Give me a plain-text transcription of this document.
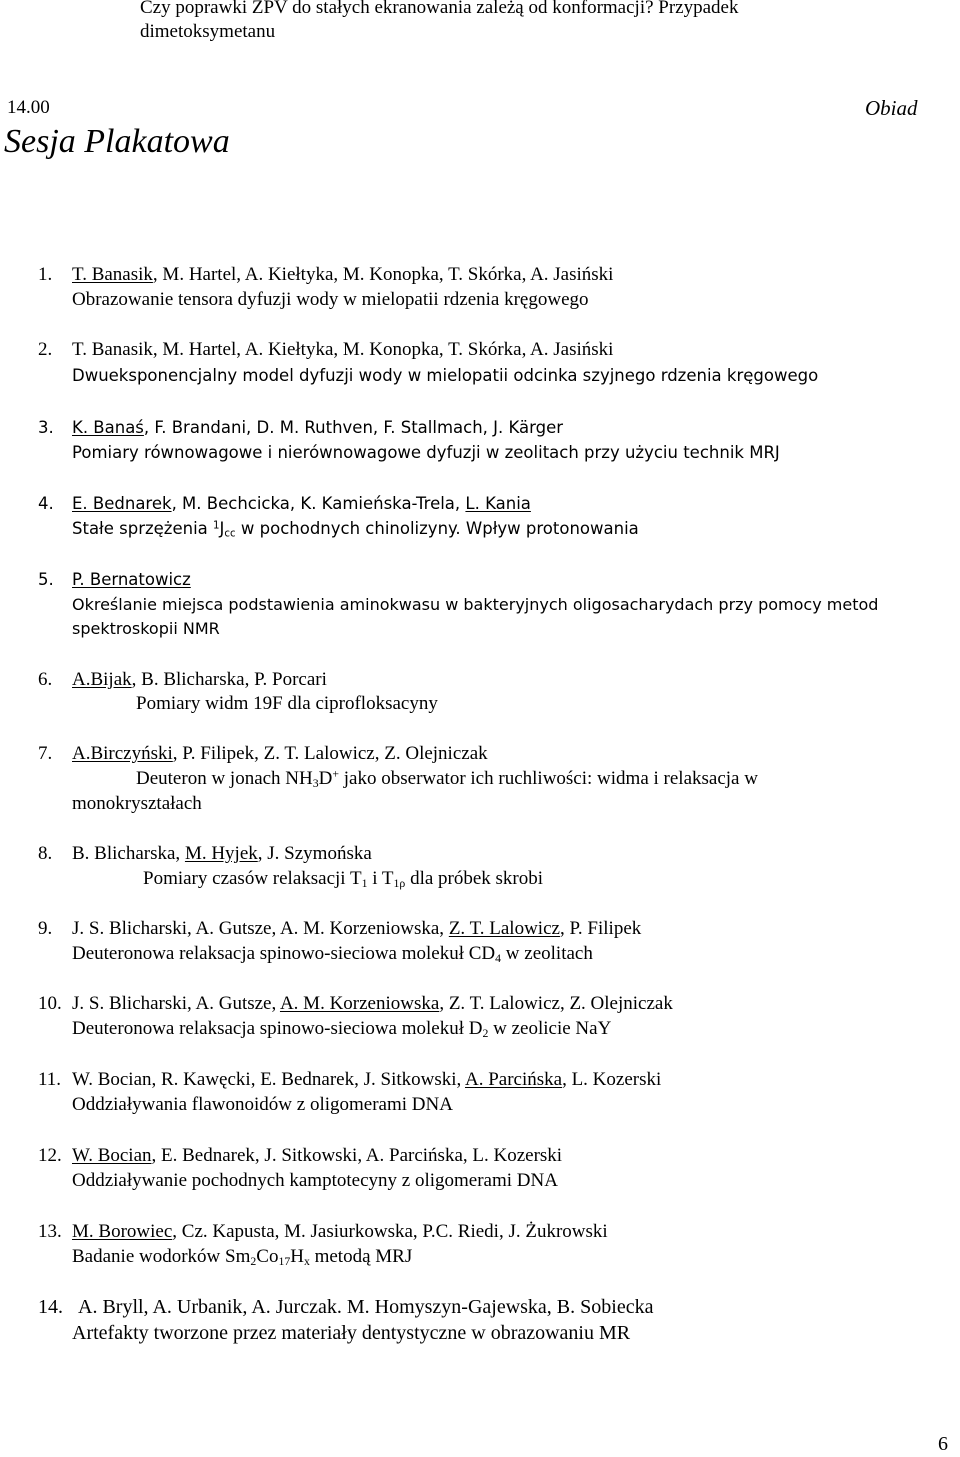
Czy poprawki ZPV do stałych ekranowania zależą od konformacji? Przypadek
dimetoksymetanu
14.00	Obiad
Sesja Plakatowa
1. T. Banasik, M. Hartel, A. Kiełtyka, M. Konopka, T. Skórka, A. Jasiński
Obrazowanie tensora dyfuzji wody w mielopatii rdzenia kręgowego
2. T. Banasik, M. Hartel, A. Kiełtyka, M. Konopka, T. Skórka, A. Jasiński
Dwueksponencjalny model dyfuzji wody w mielopatii odcinka szyjnego rdzenia kręgowego
3. K. Banaś, F. Brandani, D. M. Ruthven, F. Stallmach, J. Kärger
Pomiary równowagowe i nierównowagowe dyfuzji w zeolitach przy użyciu technik MRJ
4. E. Bednarek, M. Bechcicka, K. Kamieńska-Trela, L. Kania
Stałe sprzężenia $^1J_{cc}$ w pochodnych chinolizyny. Wpływ protonowania
5. P. Bernatowicz
Określanie miejsca podstawienia aminokwasu w bakteryjnych oligosacharydach przy pomocy metod
spektroskopii NMR
6. A.Bijak, B. Blicharska, P. Porcari
Pomiary widm 19F dla ciprofloksacyny
7. A.Birczyński, P. Filipek, Z. T. Lalowicz, Z. Olejniczak
Deuteron w jonach $NH_3D^+$ jako obserwator ich ruchliwości: widma i relaksacja w
monokryształach
8. B. Blicharska, M. Hyjek, J. Szymońska
Pomiary czasów relaksacji $T_1$ i $T_{1\rho}$ dla próbek skrobi
9. J. S. Blicharski, A. Gutsze, A. M. Korzeniowska, Z. T. Lalowicz, P. Filipek
Deuteronowa relaksacja spinowo-sieciowa molekuł $CD_4$ w zeolitach
10. J. S. Blicharski, A. Gutsze, A. M. Korzeniowska, Z. T. Lalowicz, Z. Olejniczak
Deuteronowa relaksacja spinowo-sieciowa molekuł $D_2$ w zeolicie NaY
11. W. Bocian, R. Kawęcki, E. Bednarek, J. Sitkowski, A. Parcińska, L. Kozerski
Oddziaływania flawonoidów z oligomerami DNA
12. W. Bocian, E. Bednarek, J. Sitkowski, A. Parcińska, L. Kozerski
Oddziaływanie pochodnych kamptotecyny z oligomerami DNA
13. M. Borowiec, Cz. Kapusta, M. Jasiurkowska, P.C. Riedi, J. Żukrowski
Badanie wodorków $Sm_2Co_{17}H_x$ metodą MRJ
14. A. Bryll, A. Urbanik, A. Jurczak. M. Homyszyn-Gajewska, B. Sobiecka
Artefakty tworzone przez materiały dentystyczne w obrazowaniu MR
6
